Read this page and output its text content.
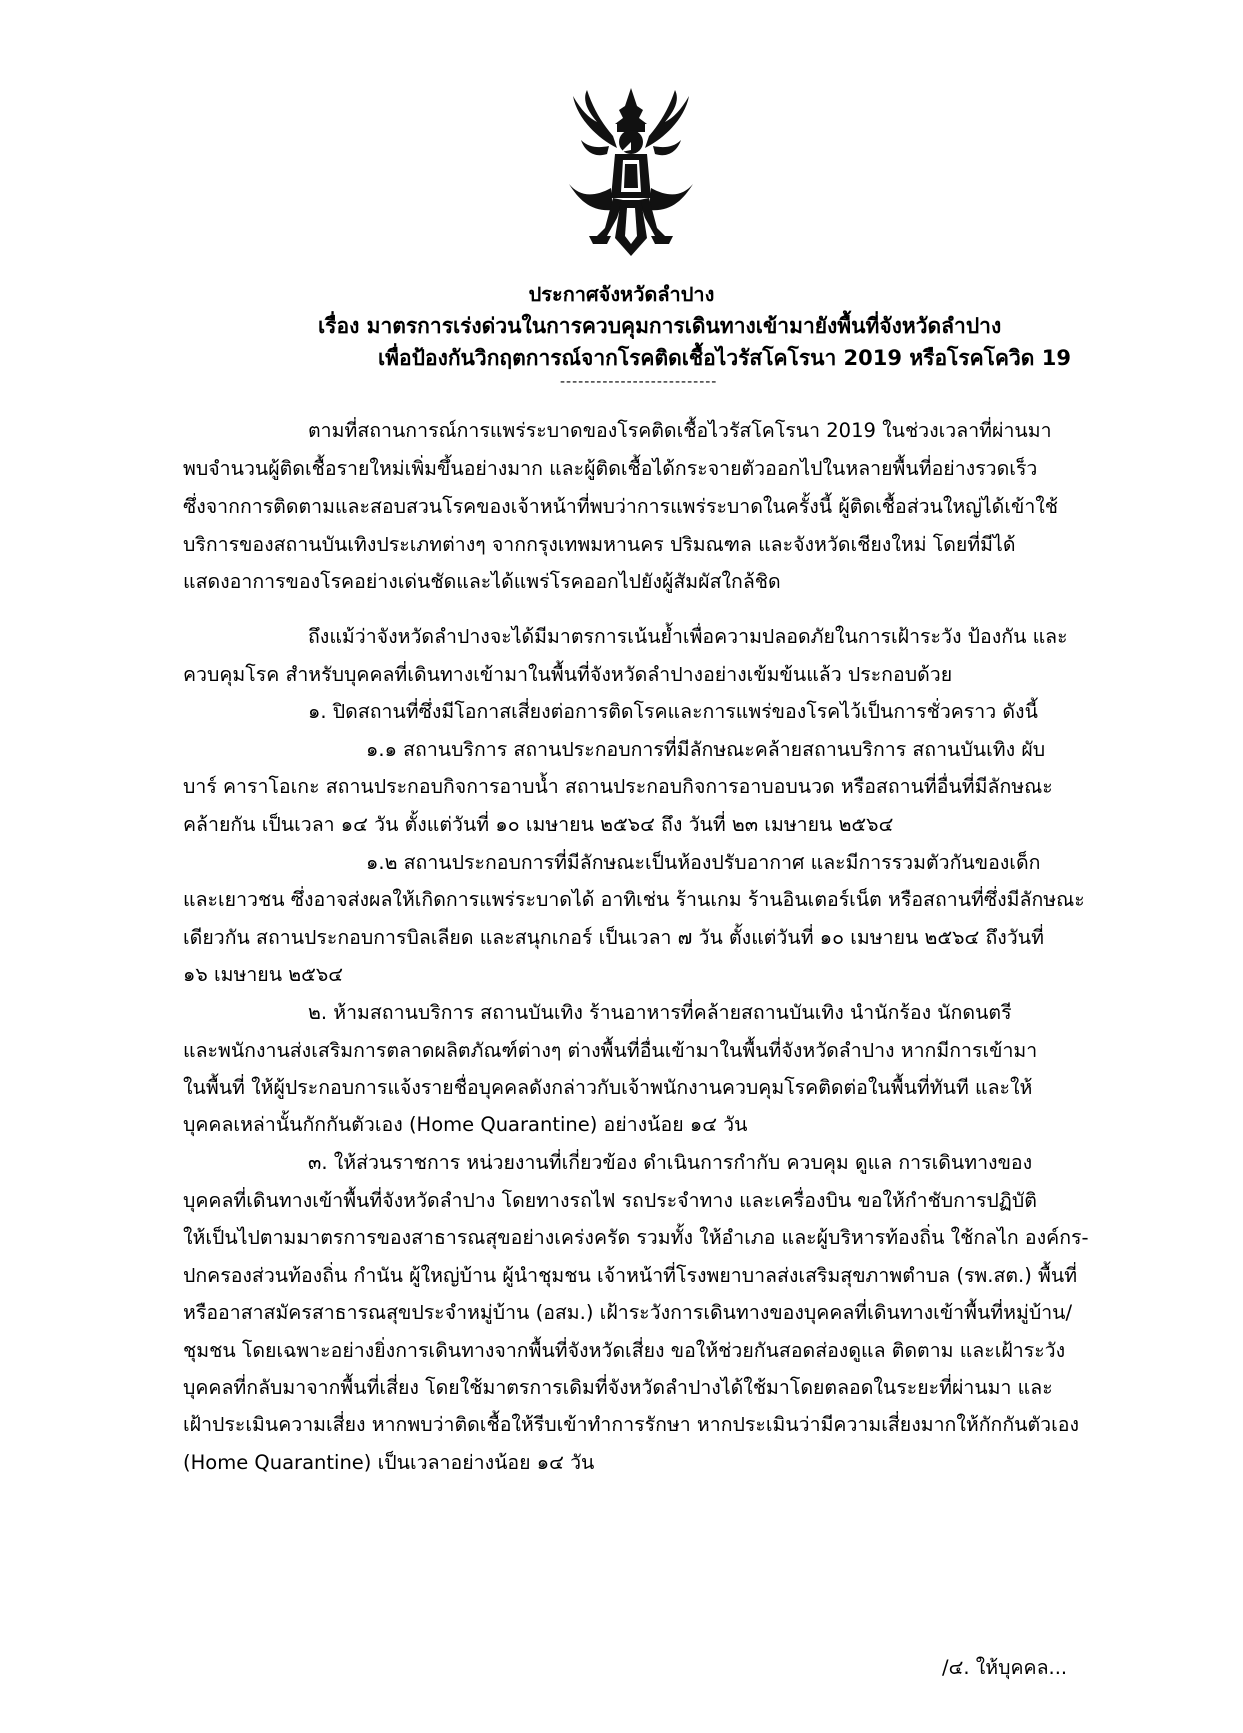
ประกาศจังหวัดลำปาง
เรื่อง มาตรการเร่งด่วนในการควบคุมการเดินทางเข้ามายังพื้นที่จังหวัดลำปาง
เพื่อป้องกันวิกฤตการณ์จากโรคติดเชื้อไวรัสโคโรนา 2019 หรือโรคโควิด 19
--------------------------
ตามที่สถานการณ์การแพร่ระบาดของโรคติดเชื้อไวรัสโคโรนา 2019 ในช่วงเวลาที่ผ่านมา
พบจำนวนผู้ติดเชื้อรายใหม่เพิ่มขึ้นอย่างมาก และผู้ติดเชื้อได้กระจายตัวออกไปในหลายพื้นที่อย่างรวดเร็ว
ซึ่งจากการติดตามและสอบสวนโรคของเจ้าหน้าที่พบว่าการแพร่ระบาดในครั้งนี้ ผู้ติดเชื้อส่วนใหญ่ได้เข้าใช้
บริการของสถานบันเทิงประเภทต่างๆ จากกรุงเทพมหานคร ปริมณฑล และจังหวัดเชียงใหม่ โดยที่มีได้
แสดงอาการของโรคอย่างเด่นชัดและได้แพร่โรคออกไปยังผู้สัมผัสใกล้ชิด
ถึงแม้ว่าจังหวัดลำปางจะได้มีมาตรการเน้นย้ำเพื่อความปลอดภัยในการเฝ้าระวัง ป้องกัน และ
ควบคุมโรค สำหรับบุคคลที่เดินทางเข้ามาในพื้นที่จังหวัดลำปางอย่างเข้มข้นแล้ว ประกอบด้วย
๑. ปิดสถานที่ซึ่งมีโอกาสเสี่ยงต่อการติดโรคและการแพร่ของโรคไว้เป็นการชั่วคราว ดังนี้
๑.๑ สถานบริการ สถานประกอบการที่มีลักษณะคล้ายสถานบริการ สถานบันเทิง ผับ
บาร์ คาราโอเกะ สถานประกอบกิจการอาบน้ำ สถานประกอบกิจการอาบอบนวด หรือสถานที่อื่นที่มีลักษณะ
คล้ายกัน เป็นเวลา ๑๔ วัน ตั้งแต่วันที่ ๑๐ เมษายน ๒๕๖๔ ถึง วันที่ ๒๓ เมษายน ๒๕๖๔
๑.๒ สถานประกอบการที่มีลักษณะเป็นห้องปรับอากาศ และมีการรวมตัวกันของเด็ก
และเยาวชน ซึ่งอาจส่งผลให้เกิดการแพร่ระบาดได้ อาทิเช่น ร้านเกม ร้านอินเตอร์เน็ต หรือสถานที่ซึ่งมีลักษณะ
เดียวกัน สถานประกอบการบิลเลียด และสนุกเกอร์ เป็นเวลา ๗ วัน ตั้งแต่วันที่ ๑๐ เมษายน ๒๕๖๔ ถึงวันที่
๑๖ เมษายน ๒๕๖๔
๒. ห้ามสถานบริการ สถานบันเทิง ร้านอาหารที่คล้ายสถานบันเทิง นำนักร้อง นักดนตรี
และพนักงานส่งเสริมการตลาดผลิตภัณฑ์ต่างๆ ต่างพื้นที่อื่นเข้ามาในพื้นที่จังหวัดลำปาง หากมีการเข้ามา
ในพื้นที่ ให้ผู้ประกอบการแจ้งรายชื่อบุคคลดังกล่าวกับเจ้าพนักงานควบคุมโรคติดต่อในพื้นที่ทันที และให้
บุคคลเหล่านั้นกักกันตัวเอง (Home Quarantine) อย่างน้อย ๑๔ วัน
๓. ให้ส่วนราชการ หน่วยงานที่เกี่ยวข้อง ดำเนินการกำกับ ควบคุม ดูแล การเดินทางของ
บุคคลที่เดินทางเข้าพื้นที่จังหวัดลำปาง โดยทางรถไฟ รถประจำทาง และเครื่องบิน ขอให้กำชับการปฏิบัติ
ให้เป็นไปตามมาตรการของสาธารณสุขอย่างเคร่งครัด รวมทั้ง ให้อำเภอ และผู้บริหารท้องถิ่น ใช้กลไก องค์กร-
ปกครองส่วนท้องถิ่น กำนัน ผู้ใหญ่บ้าน ผู้นำชุมชน เจ้าหน้าที่โรงพยาบาลส่งเสริมสุขภาพตำบล (รพ.สต.) พื้นที่
หรืออาสาสมัครสาธารณสุขประจำหมู่บ้าน (อสม.) เฝ้าระวังการเดินทางของบุคคลที่เดินทางเข้าพื้นที่หมู่บ้าน/
ชุมชน โดยเฉพาะอย่างยิ่งการเดินทางจากพื้นที่จังหวัดเสี่ยง ขอให้ช่วยกันสอดส่องดูแล ติดตาม และเฝ้าระวัง
บุคคลที่กลับมาจากพื้นที่เสี่ยง โดยใช้มาตรการเดิมที่จังหวัดลำปางได้ใช้มาโดยตลอดในระยะที่ผ่านมา และ
เฝ้าประเมินความเสี่ยง หากพบว่าติดเชื้อให้รีบเข้าทำการรักษา หากประเมินว่ามีความเสี่ยงมากให้กักกันตัวเอง
(Home Quarantine) เป็นเวลาอย่างน้อย ๑๔ วัน
/๔. ให้บุคคล...
